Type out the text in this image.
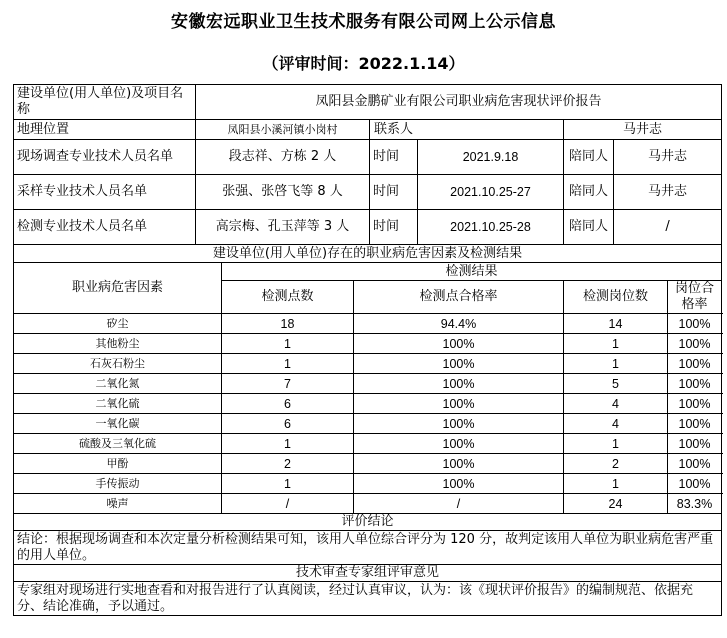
安徽宏远职业卫生技术服务有限公司网上公示信息
（评审时间：2022.1.14）
建设单位(用人单位)及项目名称	凤阳县金鹏矿业有限公司职业病危害现状评价报告							
地理位置	凤阳县小溪河镇小岗村			联系人		马井志		
现场调查专业技术人员名单	段志祥、方栋 2 人			时间	2021.9.18	陪同人	马井志	
采样专业技术人员名单	张强、张啓飞等 8 人			时间	2021.10.25-27	陪同人	马井志	
检测专业技术人员名单	高宗梅、孔玉萍等 3 人			时间	2021.10.25-28	陪同人	/	
建设单位(用人单位)存在的职业病危害因素及检测结果								
职业病危害因素		检测结果						
		检测点数	检测点合格率			检测岗位数		岗位合格率
矽尘		18	94.4%			14		100%
其他粉尘		1	100%			1		100%
石灰石粉尘		1	100%			1		100%
二氧化氮		7	100%			5		100%
二氧化硫		6	100%			4		100%
一氧化碳		6	100%			4		100%
硫酸及三氧化硫		1	100%			1		100%
甲酚		2	100%			2		100%
手传振动		1	100%			1		100%
噪声		/	/			24		83.3%
评价结论								
结论：根据现场调查和本次定量分析检测结果可知，该用人单位综合评分为 120 分，故判定该用人单位为职业病危害严重的用人单位。								
技术审查专家组评审意见								
专家组对现场进行实地查看和对报告进行了认真阅读，经过认真审议，认为：该《现状评价报告》的编制规范、依据充分、结论准确，予以通过。								
